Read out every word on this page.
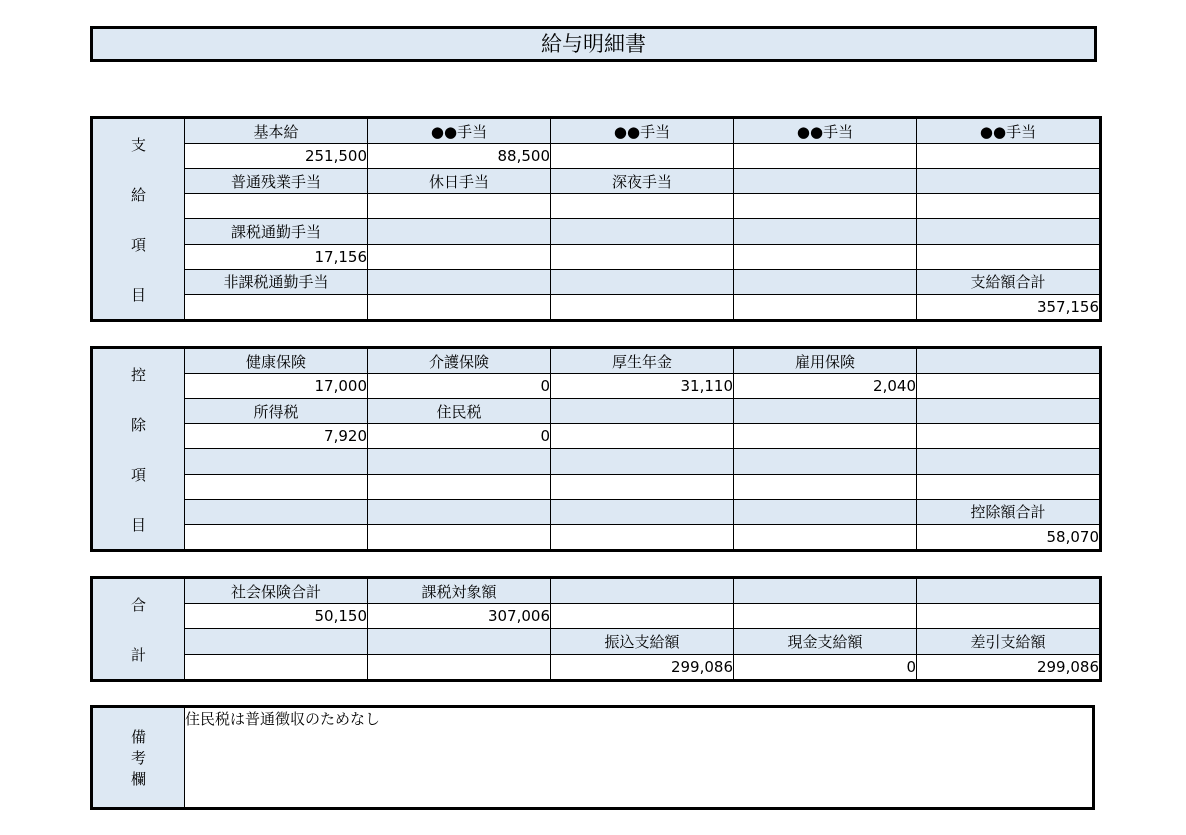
給与明細書
支
給
項
目	基本給	●●手当	●●手当	●●手当	●●手当
	251,500	88,500			
	普通残業手当	休日手当	深夜手当		

	課税通勤手当				
	17,156				
	非課税通勤手当				支給額合計
					357,156
控
除
項
目	健康保険	介護保険	厚生年金	雇用保険	
	17,000	0	31,110	2,040	
	所得税	住民税			
	7,920	0			

					控除額合計
					58,070
合
計	社会保険合計	課税対象額			
	50,150	307,006			
			振込支給額	現金支給額	差引支給額
			299,086	0	299,086
備
考
欄
	住民税は普通徴収のためなし
